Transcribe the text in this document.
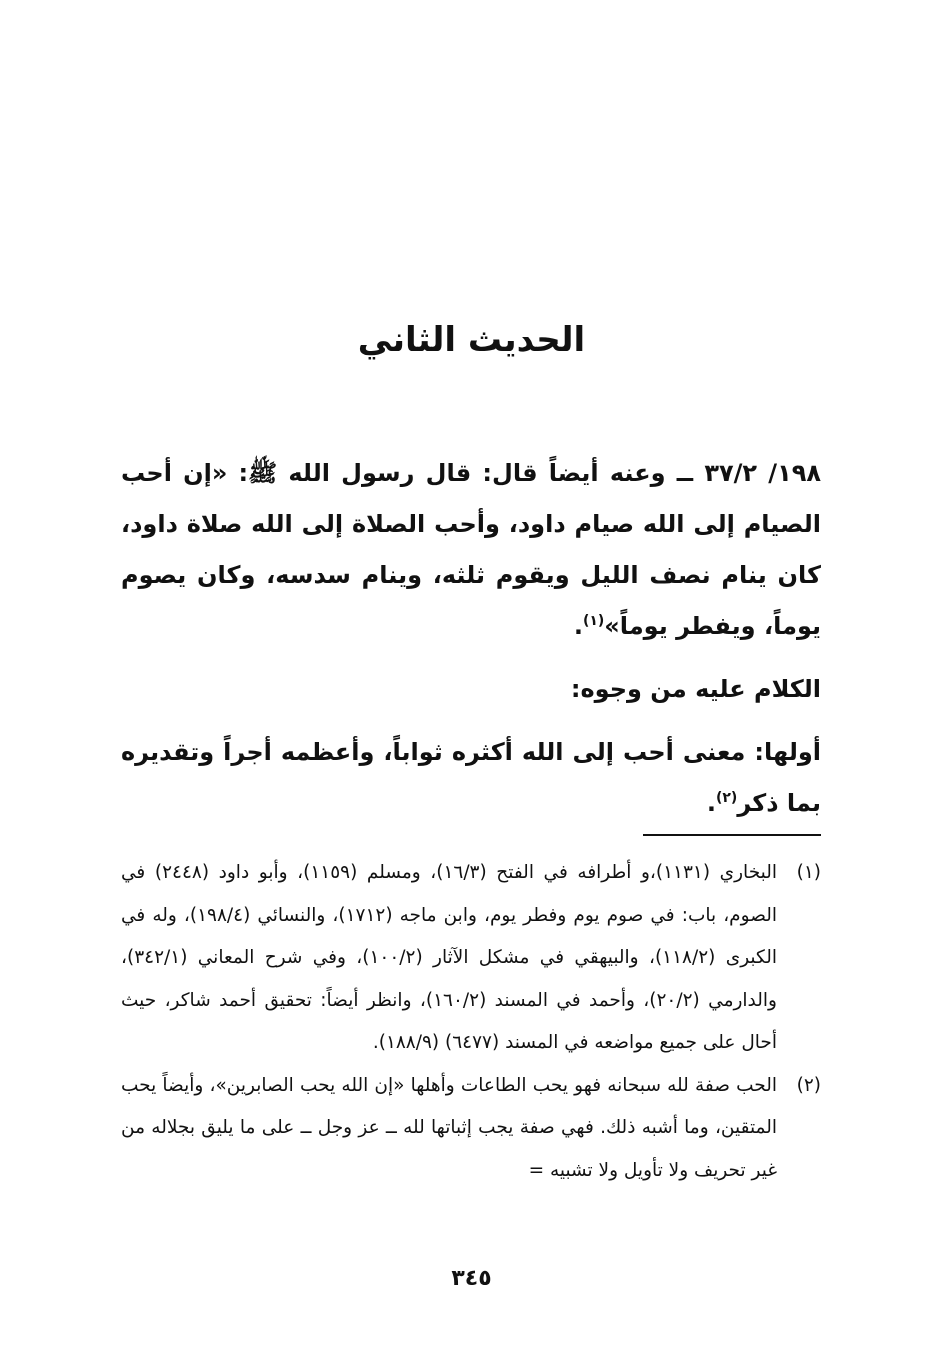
الحديث الثاني

١٩٨/ ٣٧/٢ ــ وعنه أيضاً قال: قال رسول الله ﷺ: «إن أحب الصيام إلى الله صيام داود، وأحب الصلاة إلى الله صلاة داود، كان ينام نصف الليل ويقوم ثلثه، وينام سدسه، وكان يصوم يوماً، ويفطر يوماً»$^{(١)}$.

الكلام عليه من وجوه:

أولها: معنى أحب إلى الله أكثره ثواباً، وأعظمه أجراً وتقديره بما ذكر$^{(٢)}$.

(١)
البخاري (١١٣١)،و أطرافه في الفتح (١٦/٣)، ومسلم (١١٥٩)، وأبو داود (٢٤٤٨) في الصوم، باب: في صوم يوم وفطر يوم، وابن ماجه (١٧١٢)، والنسائي (١٩٨/٤)، وله في الكبرى (١١٨/٢)، والبيهقي في مشكل الآثار (١٠٠/٢)، وفي شرح المعاني (٣٤٢/١)، والدارمي (٢٠/٢)، وأحمد في المسند (١٦٠/٢)، وانظر أيضاً: تحقيق أحمد شاكر، حيث أحال على جميع مواضعه في المسند (٦٤٧٧) (١٨٨/٩).
(٢)
الحب صفة لله سبحانه فهو يحب الطاعات وأهلها «إن الله يحب الصابرين»، وأيضاً يحب المتقين، وما أشبه ذلك. فهي صفة يجب إثباتها لله ــ عز وجل ــ على ما يليق بجلاله من غير تحريف ولا تأويل ولا تشبيه =
٣٤٥
